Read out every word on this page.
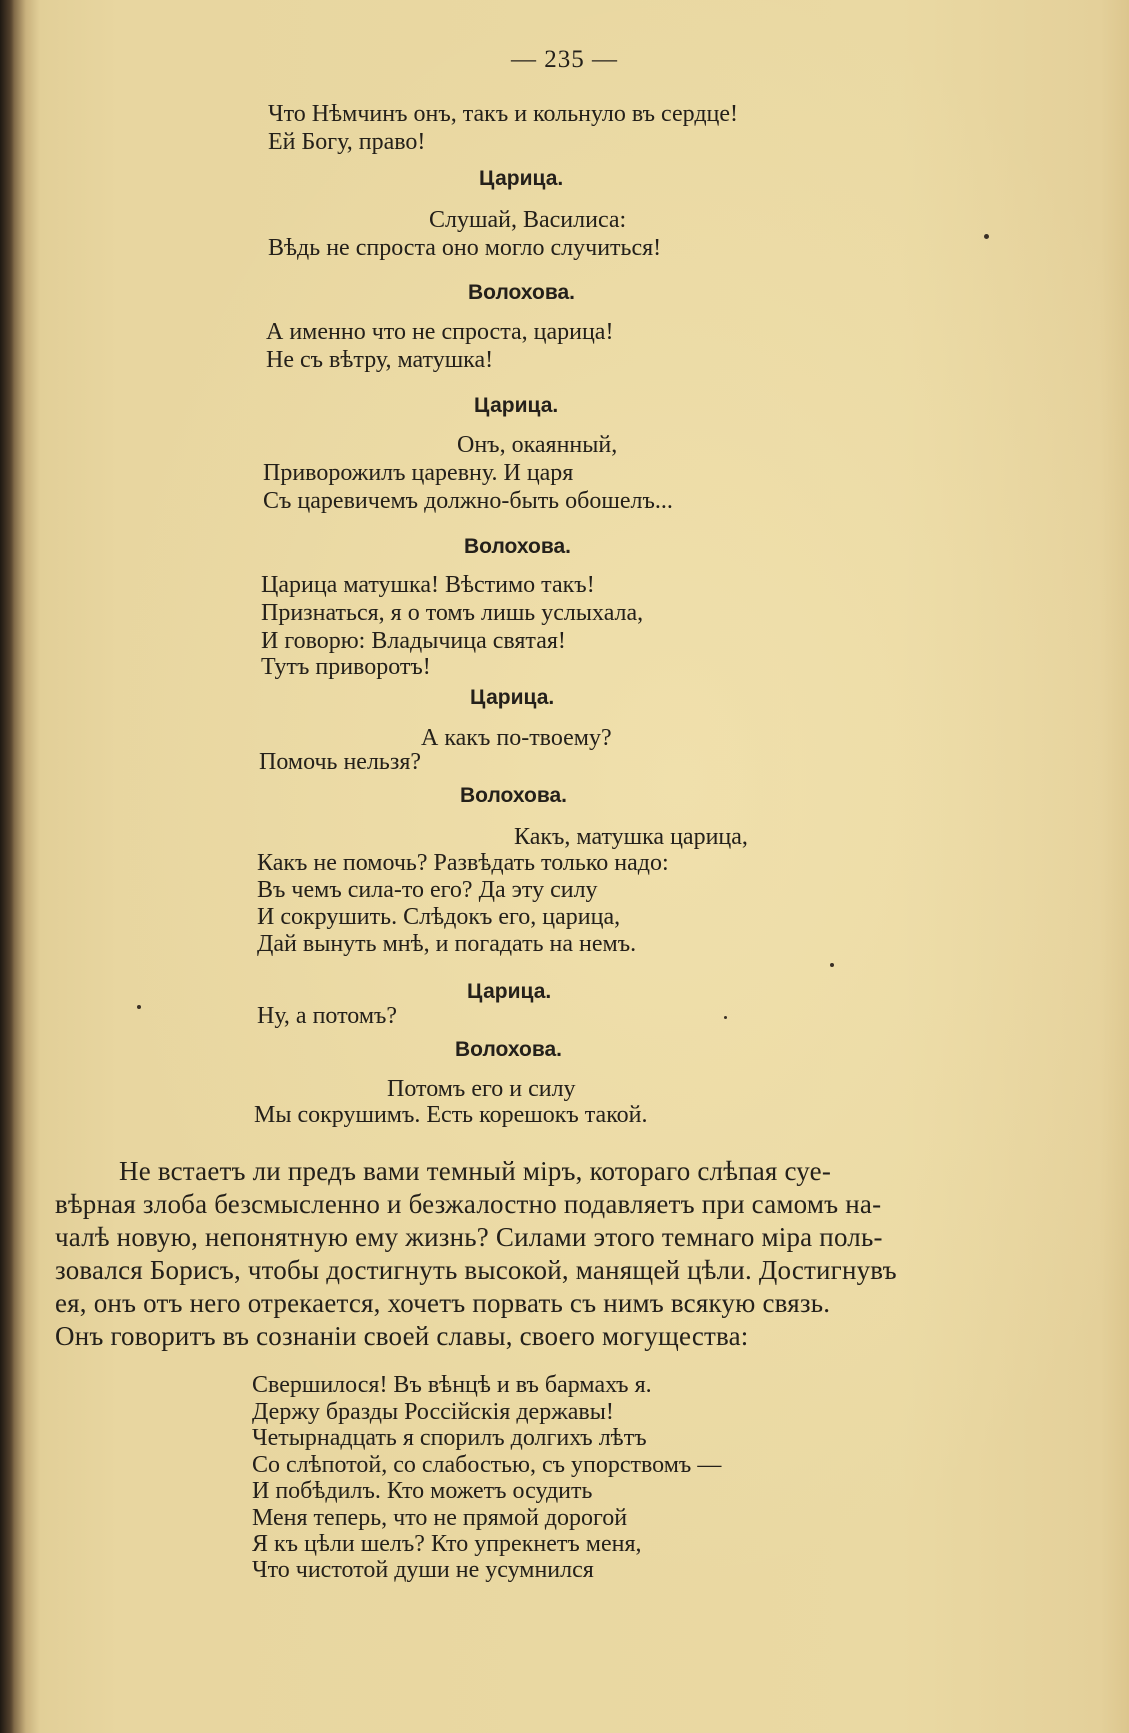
— 235 —
Что Нѣмчинъ онъ, такъ и кольнуло въ сердце!
Ей Богу, право!
Царица.
Слушай, Василиса:
Вѣдь не спроста оно могло случиться!
Волохова.
А именно что не спроста, царица!
Не съ вѣтру, матушка!
Царица.
Онъ, окаянный,
Приворожилъ царевну. И царя
Съ царевичемъ должно-быть обошелъ...
Волохова.
Царица матушка! Вѣстимо такъ!
Признаться, я о томъ лишь услыхала,
И говорю: Владычица святая!
Тутъ приворотъ!
Царица.
А какъ по-твоему?
Помочь нельзя?
Волохова.
Какъ, матушка царица,
Какъ не помочь? Развѣдать только надо:
Въ чемъ сила-то его? Да эту силу
И сокрушить. Слѣдокъ его, царица,
Дай вынуть мнѣ, и погадать на немъ.
Царица.
Ну, а потомъ?
Волохова.
Потомъ его и силу
Мы сокрушимъ. Есть корешокъ такой.
Не встаетъ ли предъ вами темный міръ, котораго слѣпая суе-
вѣрная злоба безсмысленно и безжалостно подавляетъ при самомъ на-
чалѣ новую, непонятную ему жизнь? Силами этого темнаго міра поль-
зовался Борисъ, чтобы достигнуть высокой, манящей цѣли. Достигнувъ
ея, онъ отъ него отрекается, хочетъ порвать съ нимъ всякую связь.
Онъ говоритъ въ сознаніи своей славы, своего могущества:
Свершилося! Въ вѣнцѣ и въ бармахъ я.
Держу бразды Россійскія державы!
Четырнадцать я спорилъ долгихъ лѣтъ
Со слѣпотой, со слабостью, съ упорствомъ —
И побѣдилъ. Кто можетъ осудить
Меня теперь, что не прямой дорогой
Я къ цѣли шелъ? Кто упрекнетъ меня,
Что чистотой души не усумнился
